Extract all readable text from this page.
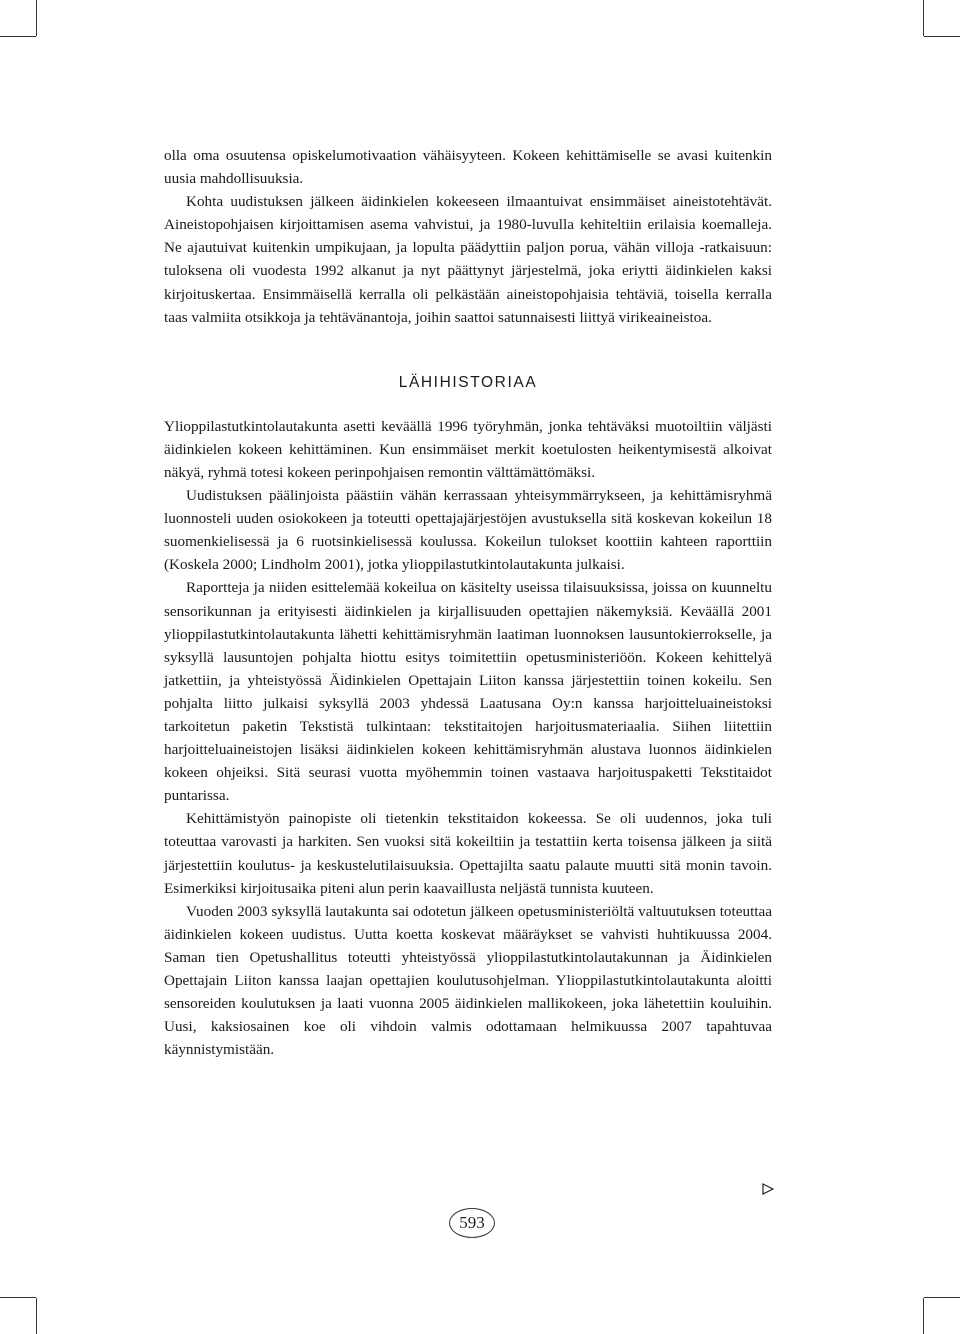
olla oma osuutensa opiskelumotivaation vähäisyyteen. Kokeen kehittämiselle se avasi kuitenkin uusia mahdollisuuksia.

Kohta uudistuksen jälkeen äidinkielen kokeeseen ilmaantuivat ensimmäiset aineistotehtävät. Aineistopohjaisen kirjoittamisen asema vahvistui, ja 1980-luvulla kehiteltiin erilaisia koemalleja. Ne ajautuivat kuitenkin umpikujaan, ja lopulta päädyttiin paljon porua, vähän villoja -ratkaisuun: tuloksena oli vuodesta 1992 alkanut ja nyt päättynyt järjestelmä, joka eriytti äidinkielen kaksi kirjoituskertaa. Ensimmäisellä kerralla oli pelkästään aineistopohjaisia tehtäviä, toisella kerralla taas valmiita otsikkoja ja tehtävänantoja, joihin saattoi satunnaisesti liittyä virikeaineistoa.

LÄHIHISTORIAA

Ylioppilastutkintolautakunta asetti keväällä 1996 työryhmän, jonka tehtäväksi muotoiltiin väljästi äidinkielen kokeen kehittäminen. Kun ensimmäiset merkit koetulosten heikentymisestä alkoivat näkyä, ryhmä totesi kokeen perinpohjaisen remontin välttämättömäksi.

Uudistuksen päälinjoista päästiin vähän kerrassaan yhteisymmärrykseen, ja kehittämisryhmä luonnosteli uuden osiokokeen ja toteutti opettajajärjestöjen avustuksella sitä koskevan kokeilun 18 suomenkielisessä ja 6 ruotsinkielisessä koulussa. Kokeilun tulokset koottiin kahteen raporttiin (Koskela 2000; Lindholm 2001), jotka ylioppilastutkintolautakunta julkaisi.

Raportteja ja niiden esittelemää kokeilua on käsitelty useissa tilaisuuksissa, joissa on kuunneltu sensorikunnan ja erityisesti äidinkielen ja kirjallisuuden opettajien näkemyksiä. Keväällä 2001 ylioppilastutkintolautakunta lähetti kehittämisryhmän laatiman luonnoksen lausuntokierrokselle, ja syksyllä lausuntojen pohjalta hiottu esitys toimitettiin opetusministeriöön. Kokeen kehittelyä jatkettiin, ja yhteistyössä Äidinkielen Opettajain Liiton kanssa järjestettiin toinen kokeilu. Sen pohjalta liitto julkaisi syksyllä 2003 yhdessä Laatusana Oy:n kanssa harjoitteluaineistoksi tarkoitetun paketin Tekstistä tulkintaan: tekstitaitojen harjoitusmateriaalia. Siihen liitettiin harjoitteluaineistojen lisäksi äidinkielen kokeen kehittämisryhmän alustava luonnos äidinkielen kokeen ohjeiksi. Sitä seurasi vuotta myöhemmin toinen vastaava harjoituspaketti Tekstitaidot puntarissa.

Kehittämistyön painopiste oli tietenkin tekstitaidon kokeessa. Se oli uudennos, joka tuli toteuttaa varovasti ja harkiten. Sen vuoksi sitä kokeiltiin ja testattiin kerta toisensa jälkeen ja siitä järjestettiin koulutus- ja keskustelutilaisuuksia. Opettajilta saatu palaute muutti sitä monin tavoin. Esimerkiksi kirjoitusaika piteni alun perin kaavaillusta neljästä tunnista kuuteen.

Vuoden 2003 syksyllä lautakunta sai odotetun jälkeen opetusministeriöltä valtuutuksen toteuttaa äidinkielen kokeen uudistus. Uutta koetta koskevat määräykset se vahvisti huhtikuussa 2004. Saman tien Opetushallitus toteutti yhteistyössä ylioppilastutkintolautakunnan ja Äidinkielen Opettajain Liiton kanssa laajan opettajien koulutusohjelman. Ylioppilastutkintolautakunta aloitti sensoreiden koulutuksen ja laati vuonna 2005 äidinkielen mallikokeen, joka lähetettiin kouluihin. Uusi, kaksiosainen koe oli vihdoin valmis odottamaan helmikuussa 2007 tapahtuvaa käynnistymistään.

593
